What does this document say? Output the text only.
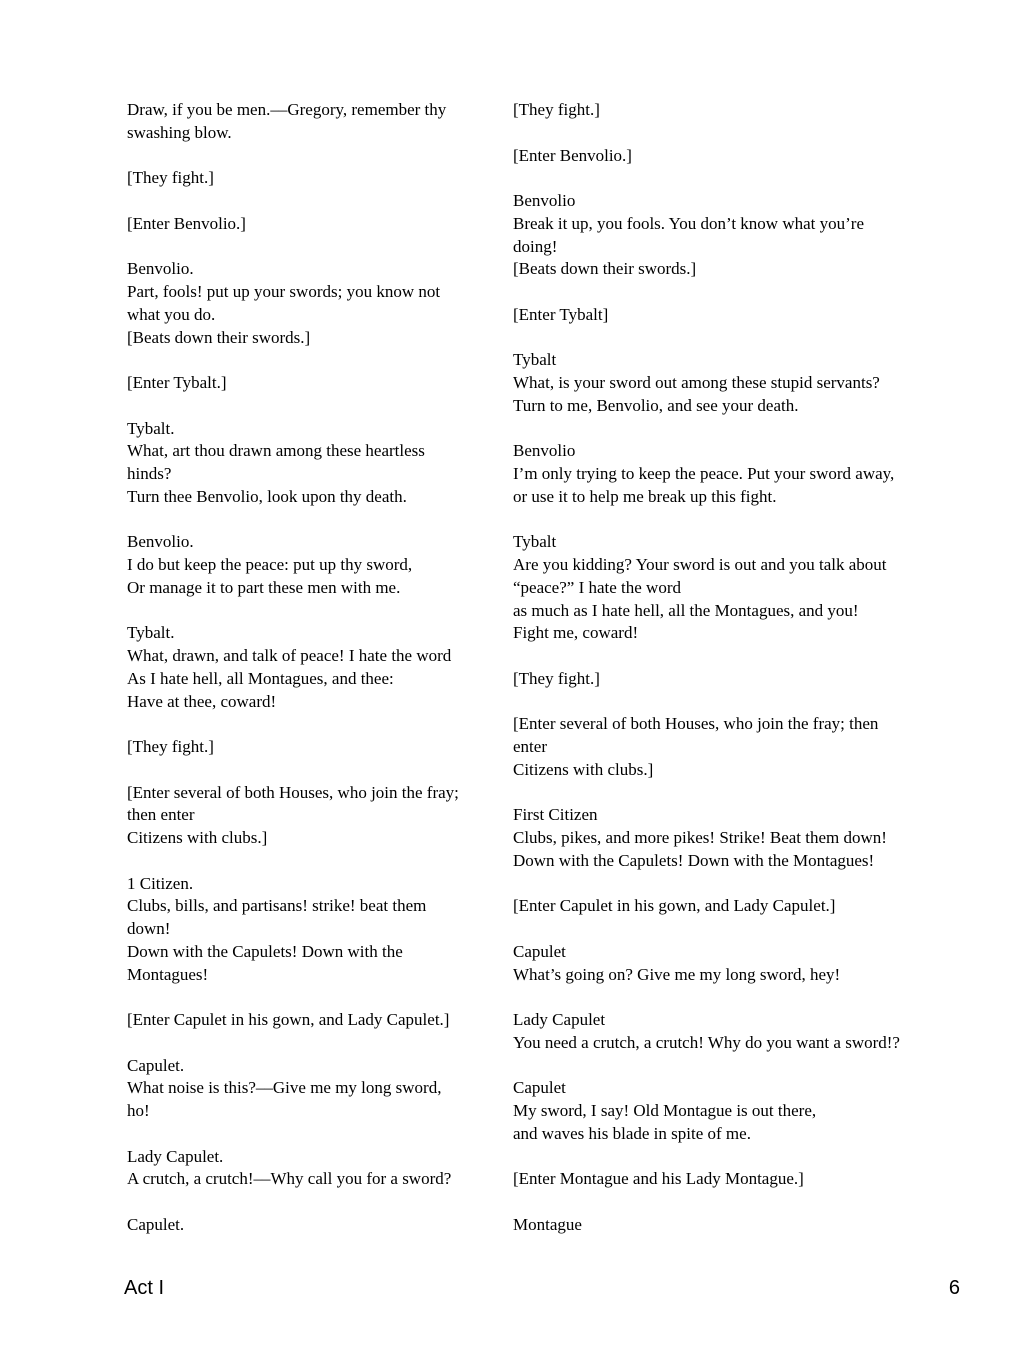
Draw, if you be men.––Gregory, remember thy
swashing blow.
[They fight.]
[Enter Benvolio.]
Benvolio.
Part, fools! put up your swords; you know not
what you do.
[Beats down their swords.]
[Enter Tybalt.]
Tybalt.
What, art thou drawn among these heartless
hinds?
Turn thee Benvolio, look upon thy death.
Benvolio.
I do but keep the peace: put up thy sword,
Or manage it to part these men with me.
Tybalt.
What, drawn, and talk of peace! I hate the word
As I hate hell, all Montagues, and thee:
Have at thee, coward!
[They fight.]
[Enter several of both Houses, who join the fray;
then enter
Citizens with clubs.]
1 Citizen.
Clubs, bills, and partisans! strike! beat them
down!
Down with the Capulets! Down with the
Montagues!
[Enter Capulet in his gown, and Lady Capulet.]
Capulet.
What noise is this?––Give me my long sword,
ho!
Lady Capulet.
A crutch, a crutch!––Why call you for a sword?
Capulet.
[They fight.]
[Enter Benvolio.]
Benvolio
Break it up, you fools. You don’t know what you’re
doing!
[Beats down their swords.]
[Enter Tybalt]
Tybalt
What, is your sword out among these stupid servants?
Turn to me, Benvolio, and see your death.
Benvolio
I’m only trying to keep the peace. Put your sword away,
or use it to help me break up this fight.
Tybalt
Are you kidding? Your sword is out and you talk about
“peace?” I hate the word
as much as I hate hell, all the Montagues, and you!
Fight me, coward!
[They fight.]
[Enter several of both Houses, who join the fray; then
enter
Citizens with clubs.]
First Citizen
Clubs, pikes, and more pikes! Strike! Beat them down!
Down with the Capulets! Down with the Montagues!
[Enter Capulet in his gown, and Lady Capulet.]
Capulet
What’s going on? Give me my long sword, hey!
Lady Capulet
You need a crutch, a crutch! Why do you want a sword!?
Capulet
My sword, I say! Old Montague is out there,
and waves his blade in spite of me.
[Enter Montague and his Lady Montague.]
Montague
Act I	6
